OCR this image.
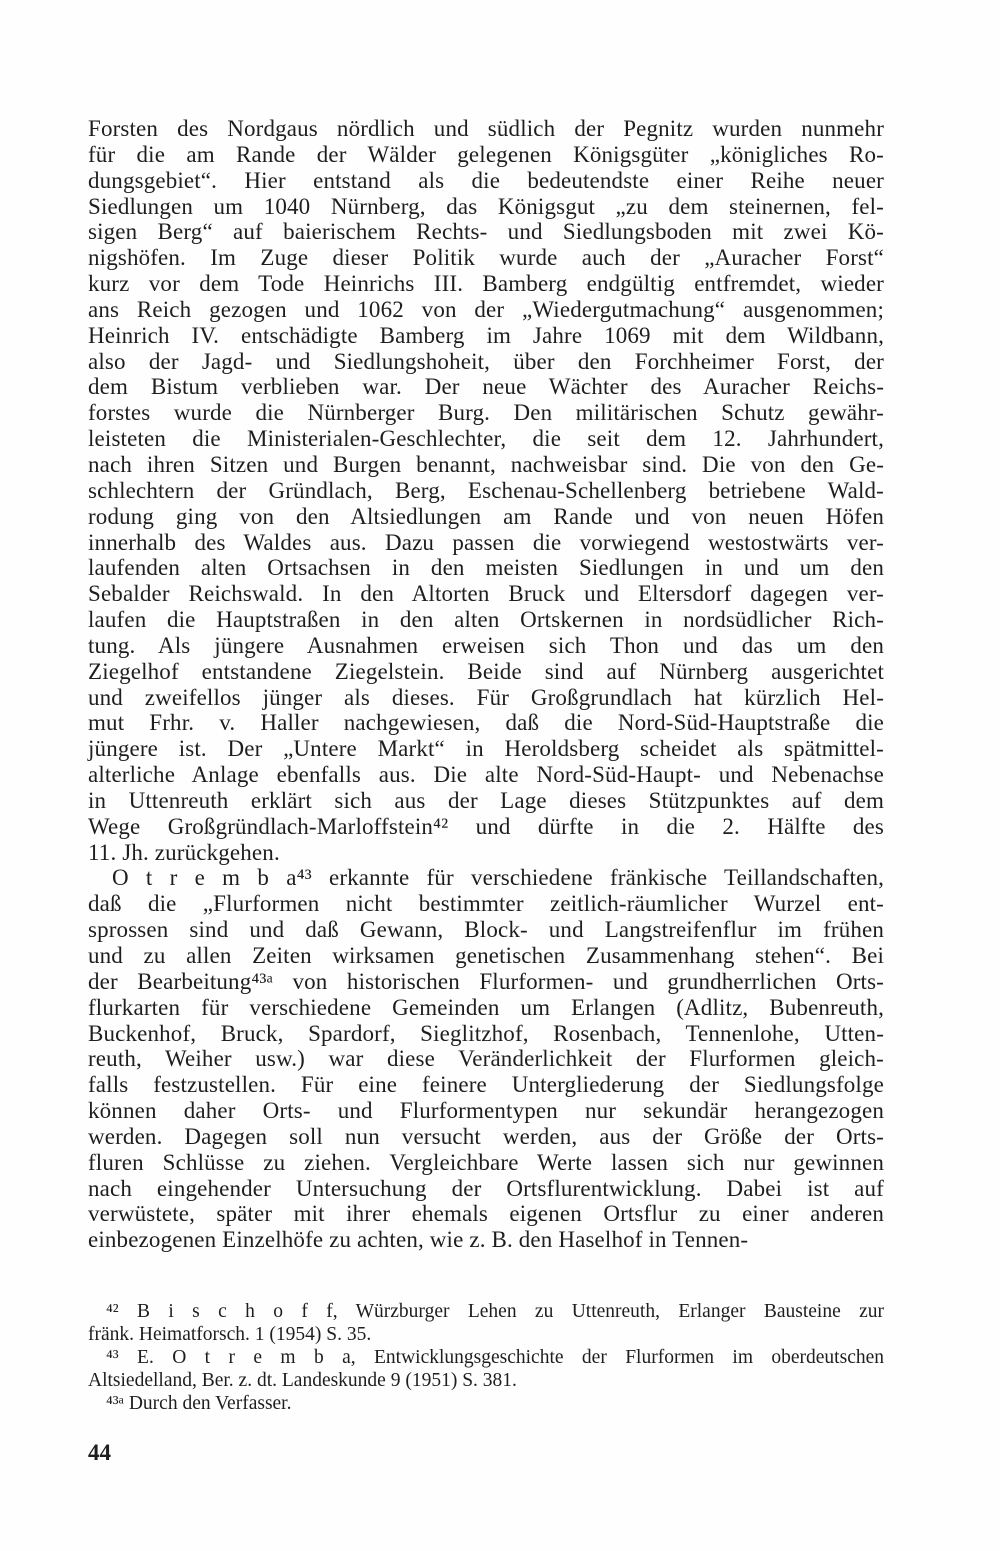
Forsten des Nordgaus nördlich und südlich der Pegnitz wurden nunmehr
für die am Rande der Wälder gelegenen Königsgüter „königliches Ro-
dungsgebiet“. Hier entstand als die bedeutendste einer Reihe neuer
Siedlungen um 1040 Nürnberg, das Königsgut „zu dem steinernen, fel-
sigen Berg“ auf baierischem Rechts- und Siedlungsboden mit zwei Kö-
nigshöfen. Im Zuge dieser Politik wurde auch der „Auracher Forst“
kurz vor dem Tode Heinrichs III. Bamberg endgültig entfremdet, wieder
ans Reich gezogen und 1062 von der „Wiedergutmachung“ ausgenommen;
Heinrich IV. entschädigte Bamberg im Jahre 1069 mit dem Wildbann,
also der Jagd- und Siedlungshoheit, über den Forchheimer Forst, der
dem Bistum verblieben war. Der neue Wächter des Auracher Reichs-
forstes wurde die Nürnberger Burg. Den militärischen Schutz gewähr-
leisteten die Ministerialen-Geschlechter, die seit dem 12. Jahrhundert,
nach ihren Sitzen und Burgen benannt, nachweisbar sind. Die von den Ge-
schlechtern der Gründlach, Berg, Eschenau-Schellenberg betriebene Wald-
rodung ging von den Altsiedlungen am Rande und von neuen Höfen
innerhalb des Waldes aus. Dazu passen die vorwiegend westostwärts ver-
laufenden alten Ortsachsen in den meisten Siedlungen in und um den
Sebalder Reichswald. In den Altorten Bruck und Eltersdorf dagegen ver-
laufen die Hauptstraßen in den alten Ortskernen in nordsüdlicher Rich-
tung. Als jüngere Ausnahmen erweisen sich Thon und das um den
Ziegelhof entstandene Ziegelstein. Beide sind auf Nürnberg ausgerichtet
und zweifellos jünger als dieses. Für Großgrundlach hat kürzlich Hel-
mut Frhr. v. Haller nachgewiesen, daß die Nord-Süd-Hauptstraße die
jüngere ist. Der „Untere Markt“ in Heroldsberg scheidet als spätmittel-
alterliche Anlage ebenfalls aus. Die alte Nord-Süd-Haupt- und Nebenachse
in Uttenreuth erklärt sich aus der Lage dieses Stützpunktes auf dem
Wege Großgründlach-Marloffstein⁴² und dürfte in die 2. Hälfte des
11. Jh. zurückgehen.
O t r e m b a⁴³ erkannte für verschiedene fränkische Teillandschaften,
daß die „Flurformen nicht bestimmter zeitlich-räumlicher Wurzel ent-
sprossen sind und daß Gewann, Block- und Langstreifenflur im frühen
und zu allen Zeiten wirksamen genetischen Zusammenhang stehen“. Bei
der Bearbeitung⁴³ᵃ von historischen Flurformen- und grundherrlichen Orts-
flurkarten für verschiedene Gemeinden um Erlangen (Adlitz, Bubenreuth,
Buckenhof, Bruck, Spardorf, Sieglitzhof, Rosenbach, Tennenlohe, Utten-
reuth, Weiher usw.) war diese Veränderlichkeit der Flurformen gleich-
falls festzustellen. Für eine feinere Untergliederung der Siedlungsfolge
können daher Orts- und Flurformentypen nur sekundär herangezogen
werden. Dagegen soll nun versucht werden, aus der Größe der Orts-
fluren Schlüsse zu ziehen. Vergleichbare Werte lassen sich nur gewinnen
nach eingehender Untersuchung der Ortsflurentwicklung. Dabei ist auf
verwüstete, später mit ihrer ehemals eigenen Ortsflur zu einer anderen
einbezogenen Einzelhöfe zu achten, wie z. B. den Haselhof in Tennen-
⁴² B i s c h o f f, Würzburger Lehen zu Uttenreuth, Erlanger Bausteine zur
fränk. Heimatforsch. 1 (1954) S. 35.
⁴³ E. O t r e m b a, Entwicklungsgeschichte der Flurformen im oberdeutschen
Altsiedelland, Ber. z. dt. Landeskunde 9 (1951) S. 381.
⁴³ᵃ Durch den Verfasser.
44
